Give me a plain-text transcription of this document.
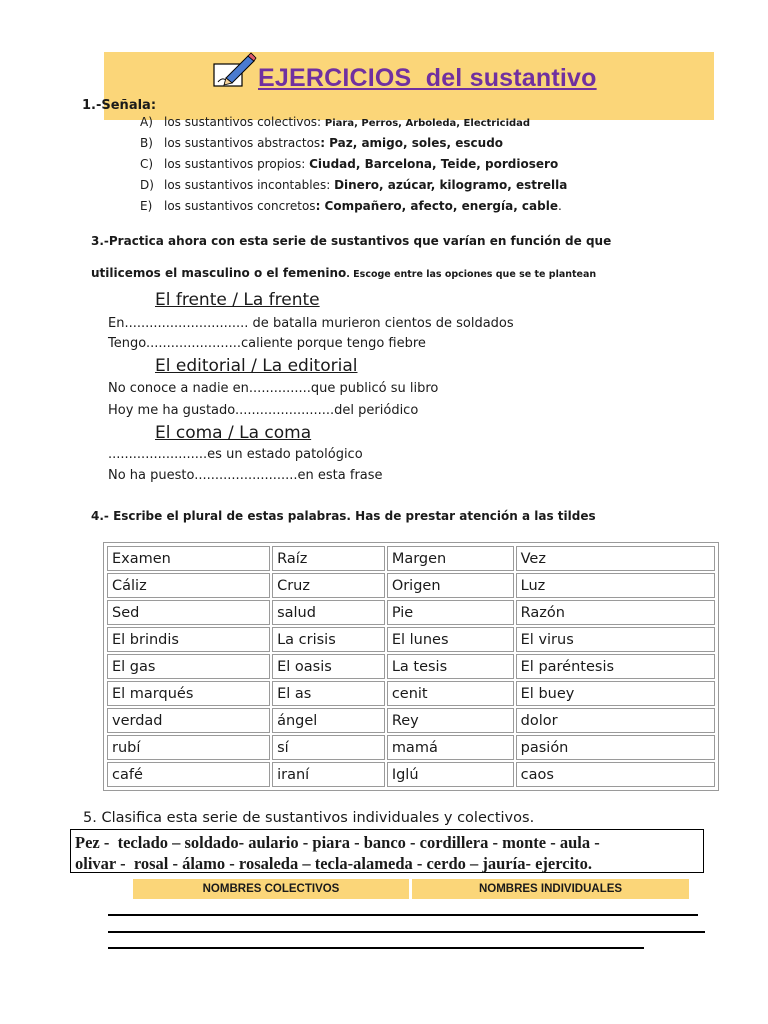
EJERCICIOS  del sustantivo
1.-Señala:
A) los sustantivos colectivos: Piara, Perros, Arboleda, Electricidad
B) los sustantivos abstractos: Paz, amigo, soles, escudo
C) los sustantivos propios: Ciudad, Barcelona, Teide, pordiosero
D) los sustantivos incontables: Dinero, azúcar, kilogramo, estrella
E) los sustantivos concretos: Compañero, afecto, energía, cable.
3.-Practica ahora con esta serie de sustantivos que varían en función de que
utilicemos el masculino o el femenino. Escoge entre las opciones que se te plantean
El frente / La frente
En.............................. de batalla murieron cientos de soldados
Tengo.......................caliente porque tengo fiebre
El editorial / La editorial
No conoce a nadie en...............que publicó su libro
Hoy me ha gustado........................del periódico
El coma / La coma
........................es un estado patológico
No ha puesto.........................en esta frase
4.- Escribe el plural de estas palabras. Has de prestar atención a las tildes
Examen	Raíz	Margen	Vez
Cáliz	Cruz	Origen	Luz
Sed	salud	Pie	Razón
El brindis	La crisis	El lunes	El virus
El gas	El oasis	La tesis	El paréntesis
El marqués	El as	cenit	El buey
verdad	ángel	Rey	dolor
rubí	sí	mamá	pasión
café	iraní	Iglú	caos
5. Clasifica esta serie de sustantivos individuales y colectivos.
Pez -  teclado – soldado- aulario - piara - banco - cordillera - monte - aula -
olivar -  rosal - álamo - rosaleda – tecla-alameda - cerdo – jauría- ejercito.
NOMBRES COLECTIVOS	NOMBRES INDIVIDUALES
